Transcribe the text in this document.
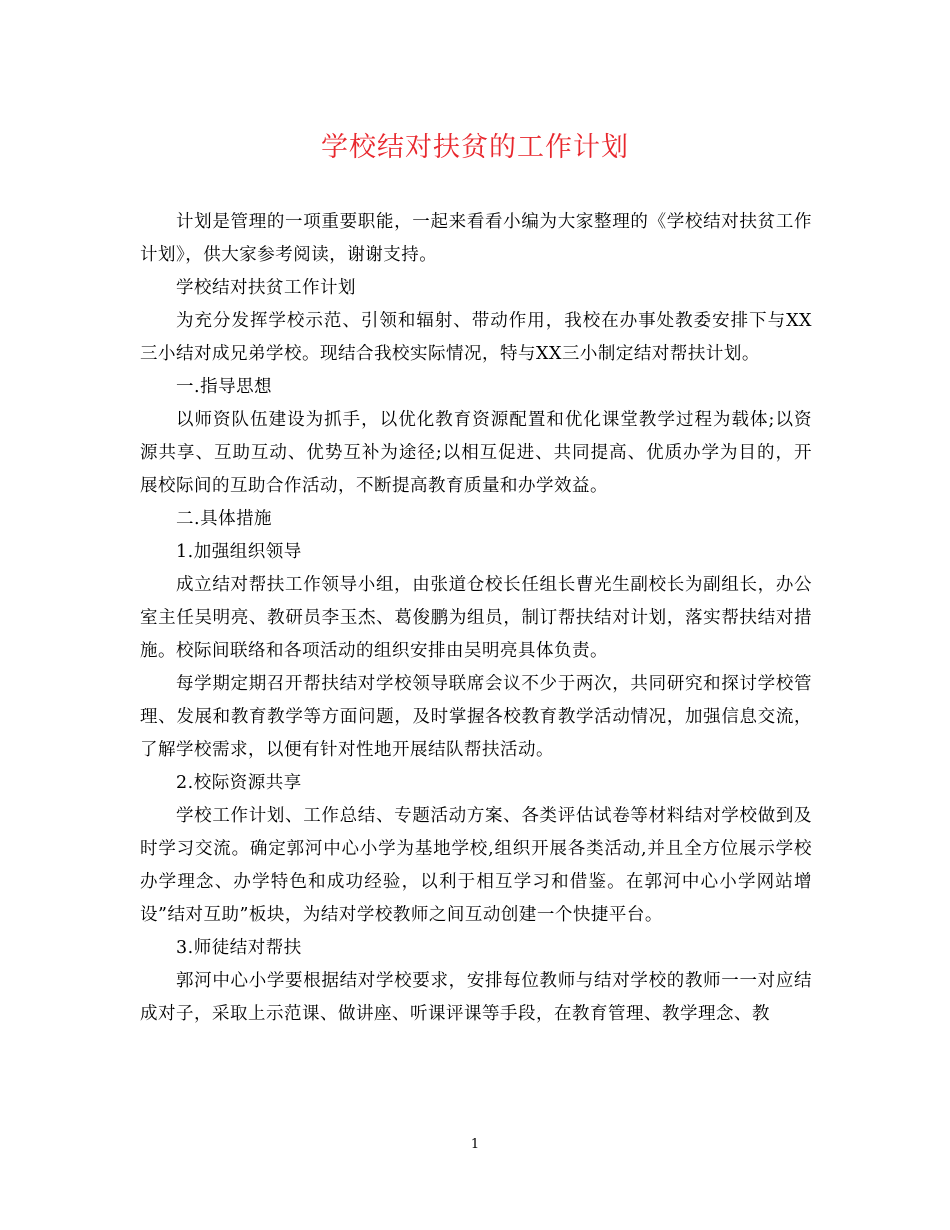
学校结对扶贫的工作计划

计划是管理的一项重要职能，一起来看看小编为大家整理的《学校结对扶贫工作计划》，供大家参考阅读，谢谢支持。

学校结对扶贫工作计划

为充分发挥学校示范、引领和辐射、带动作用，我校在办事处教委安排下与XX三小结对成兄弟学校。现结合我校实际情况，特与XX三小制定结对帮扶计划。

一.指导思想

以师资队伍建设为抓手，以优化教育资源配置和优化课堂教学过程为载体;以资源共享、互助互动、优势互补为途径;以相互促进、共同提高、优质办学为目的，开展校际间的互助合作活动，不断提高教育质量和办学效益。

二.具体措施

1.加强组织领导

成立结对帮扶工作领导小组，由张道仓校长任组长曹光生副校长为副组长，办公室主任吴明亮、教研员李玉杰、葛俊鹏为组员，制订帮扶结对计划，落实帮扶结对措施。校际间联络和各项活动的组织安排由吴明亮具体负责。

每学期定期召开帮扶结对学校领导联席会议不少于两次，共同研究和探讨学校管理、发展和教育教学等方面问题，及时掌握各校教育教学活动情况，加强信息交流，了解学校需求，以便有针对性地开展结队帮扶活动。

2.校际资源共享

学校工作计划、工作总结、专题活动方案、各类评估试卷等材料结对学校做到及时学习交流。确定郭河中心小学为基地学校,组织开展各类活动,并且全方位展示学校办学理念、办学特色和成功经验，以利于相互学习和借鉴。在郭河中心小学网站增设”结对互助”板块，为结对学校教师之间互动创建一个快捷平台。

3.师徒结对帮扶

郭河中心小学要根据结对学校要求，安排每位教师与结对学校的教师一一对应结成对子，采取上示范课、做讲座、听课评课等手段，在教育管理、教学理念、教

1
